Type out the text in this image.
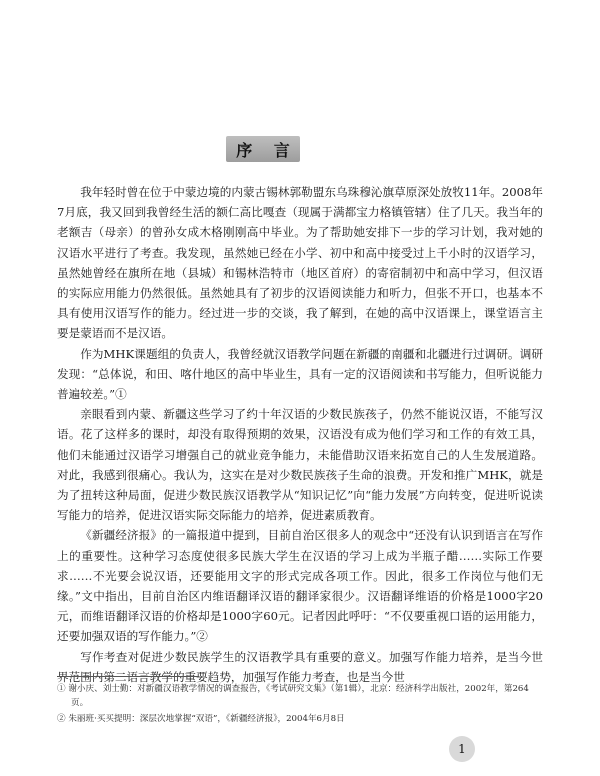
序 言

我年轻时曾在位于中蒙边境的内蒙古锡林郭勒盟东乌珠穆沁旗草原深处放牧11年。2008年7月底，我又回到我曾经生活的额仁高比嘎查（现属于满都宝力格镇管辖）住了几天。我当年的老额吉（母亲）的曾孙女成木格刚刚高中毕业。为了帮助她安排下一步的学习计划，我对她的汉语水平进行了考查。我发现，虽然她已经在小学、初中和高中接受过上千小时的汉语学习，虽然她曾经在旗所在地（县城）和锡林浩特市（地区首府）的寄宿制初中和高中学习，但汉语的实际应用能力仍然很低。虽然她具有了初步的汉语阅读能力和听力，但张不开口，也基本不具有使用汉语写作的能力。经过进一步的交谈，我了解到，在她的高中汉语课上，课堂语言主要是蒙语而不是汉语。

作为MHK课题组的负责人，我曾经就汉语教学问题在新疆的南疆和北疆进行过调研。调研发现：“总体说，和田、喀什地区的高中毕业生，具有一定的汉语阅读和书写能力，但听说能力普遍较差。”①

亲眼看到内蒙、新疆这些学习了约十年汉语的少数民族孩子，仍然不能说汉语，不能写汉语。花了这样多的课时，却没有取得预期的效果，汉语没有成为他们学习和工作的有效工具，他们未能通过汉语学习增强自己的就业竞争能力，未能借助汉语来拓宽自己的人生发展道路。对此，我感到很痛心。我认为，这实在是对少数民族孩子生命的浪费。开发和推广MHK，就是为了扭转这种局面，促进少数民族汉语教学从“知识记忆”向“能力发展”方向转变，促进听说读写能力的培养，促进汉语实际交际能力的培养，促进素质教育。

《新疆经济报》的一篇报道中提到，目前自治区很多人的观念中“还没有认识到语言在写作上的重要性。这种学习态度使很多民族大学生在汉语的学习上成为半瓶子醋……实际工作要求……不光要会说汉语，还要能用文字的形式完成各项工作。因此，很多工作岗位与他们无缘。”文中指出，目前自治区内维语翻译汉语的翻译家很少。汉语翻译维语的价格是1000字20元，而维语翻译汉语的价格却是1000字60元。记者因此呼吁：“不仅要重视口语的运用能力，还要加强双语的写作能力。”②

写作考查对促进少数民族学生的汉语教学具有重要的意义。加强写作能力培养，是当今世界范围内第二语言教学的重要趋势，加强写作能力考查，也是当今世

① 谢小庆、刘士勤：对新疆汉语教学情况的调查报告，《考试研究文集》（第1辑），北京：经济科学出版社，2002年，第264页。

② 朱丽班·买买提明：深层次地掌握“双语”，《新疆经济报》，2004年6月8日

1
